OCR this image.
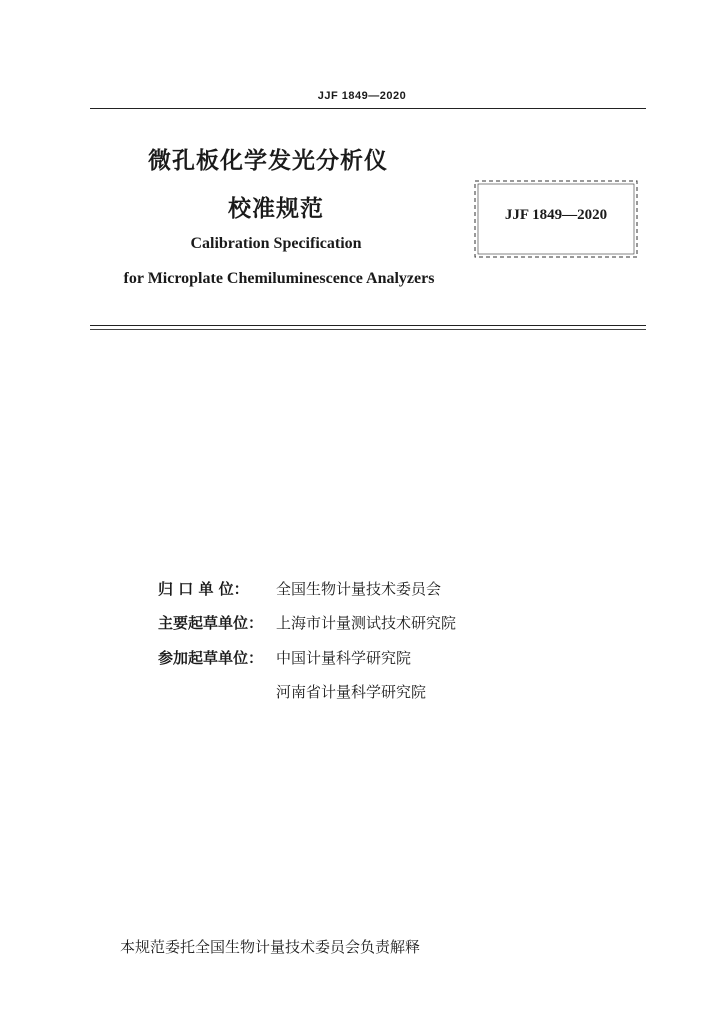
JJF 1849—2020
微孔板化学发光分析仪
校准规范
Calibration Specification
for Microplate Chemiluminescence Analyzers
JJF 1849—2020
归 口 单 位： 全国生物计量技术委员会
主要起草单位： 上海市计量测试技术研究院
参加起草单位： 中国计量科学研究院
河南省计量科学研究院
本规范委托全国生物计量技术委员会负责解释
